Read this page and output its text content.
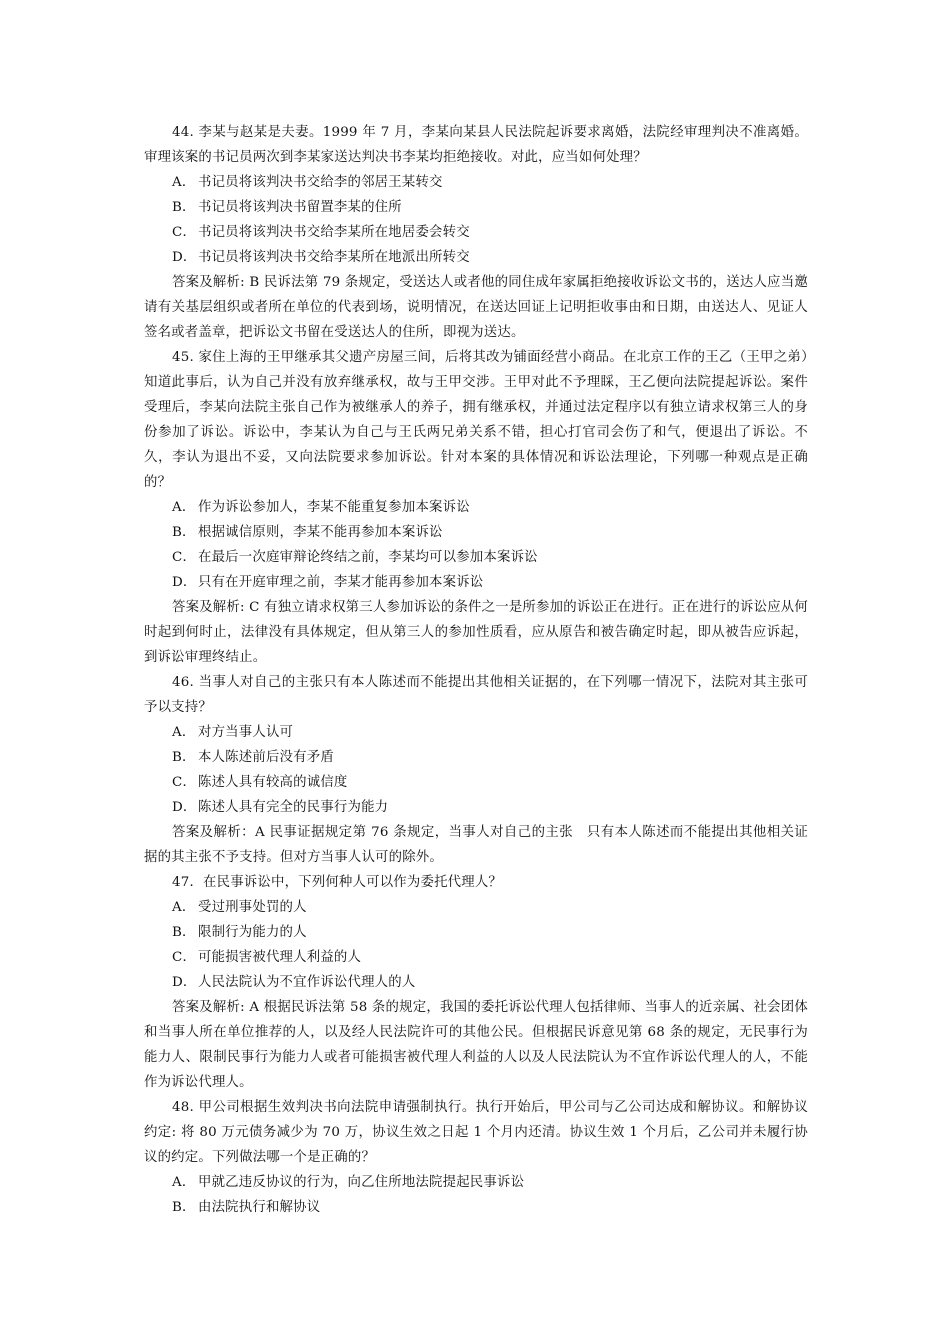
44. 李某与赵某是夫妻。1999 年 7 月，李某向某县人民法院起诉要求离婚，法院经审理判决不准离婚。审理该案的书记员两次到李某家送达判决书李某均拒绝接收。对此，应当如何处理？

A． 书记员将该判决书交给李的邻居王某转交

B． 书记员将该判决书留置李某的住所

C． 书记员将该判决书交给李某所在地居委会转交

D．书记员将该判决书交给李某所在地派出所转交

答案及解析: B 民诉法第 79 条规定，受送达人或者他的同住成年家属拒绝接收诉讼文书的，送达人应当邀请有关基层组织或者所在单位的代表到场，说明情况，在送达回证上记明拒收事由和日期，由送达人、见证人签名或者盖章，把诉讼文书留在受送达人的住所，即视为送达。

45. 家住上海的王甲继承其父遗产房屋三间，后将其改为铺面经营小商品。在北京工作的王乙（王甲之弟）知道此事后，认为自己并没有放弃继承权，故与王甲交涉。王甲对此不予理睬，王乙便向法院提起诉讼。案件受理后，李某向法院主张自己作为被继承人的养子，拥有继承权，并通过法定程序以有独立请求权第三人的身份参加了诉讼。诉讼中，李某认为自己与王氏两兄弟关系不错，担心打官司会伤了和气，便退出了诉讼。不久，李认为退出不妥，又向法院要求参加诉讼。针对本案的具体情况和诉讼法理论，下列哪一种观点是正确的？

A． 作为诉讼参加人，李某不能重复参加本案诉讼

B． 根据诚信原则，李某不能再参加本案诉讼

C． 在最后一次庭审辩论终结之前，李某均可以参加本案诉讼

D．只有在开庭审理之前，李某才能再参加本案诉讼

答案及解析: C 有独立请求权第三人参加诉讼的条件之一是所参加的诉讼正在进行。正在进行的诉讼应从何时起到何时止，法律没有具体规定，但从第三人的参加性质看，应从原告和被告确定时起，即从被告应诉起，到诉讼审理终结止。

46. 当事人对自己的主张只有本人陈述而不能提出其他相关证据的，在下列哪一情况下，法院对其主张可予以支持？

A． 对方当事人认可

B． 本人陈述前后没有矛盾

C． 陈述人具有较高的诚信度

D．陈述人具有完全的民事行为能力

答案及解析：A 民事证据规定第 76 条规定，当事人对自己的主张　只有本人陈述而不能提出其他相关证据的其主张不予支持。但对方当事人认可的除外。

47．在民事诉讼中，下列何种人可以作为委托代理人？

A． 受过刑事处罚的人

B． 限制行为能力的人

C． 可能损害被代理人利益的人

D．人民法院认为不宜作诉讼代理人的人

答案及解析: A 根据民诉法第 58 条的规定，我国的委托诉讼代理人包括律师、当事人的近亲属、社会团体和当事人所在单位推荐的人，以及经人民法院许可的其他公民。但根据民诉意见第 68 条的规定，无民事行为能力人、限制民事行为能力人或者可能损害被代理人利益的人以及人民法院认为不宜作诉讼代理人的人，不能作为诉讼代理人。

48. 甲公司根据生效判决书向法院申请强制执行。执行开始后，甲公司与乙公司达成和解协议。和解协议约定: 将 80 万元债务减少为 70 万，协议生效之日起 1 个月内还清。协议生效 1 个月后，乙公司并未履行协议的约定。下列做法哪一个是正确的？

A． 甲就乙违反协议的行为，向乙住所地法院提起民事诉讼

B． 由法院执行和解协议
